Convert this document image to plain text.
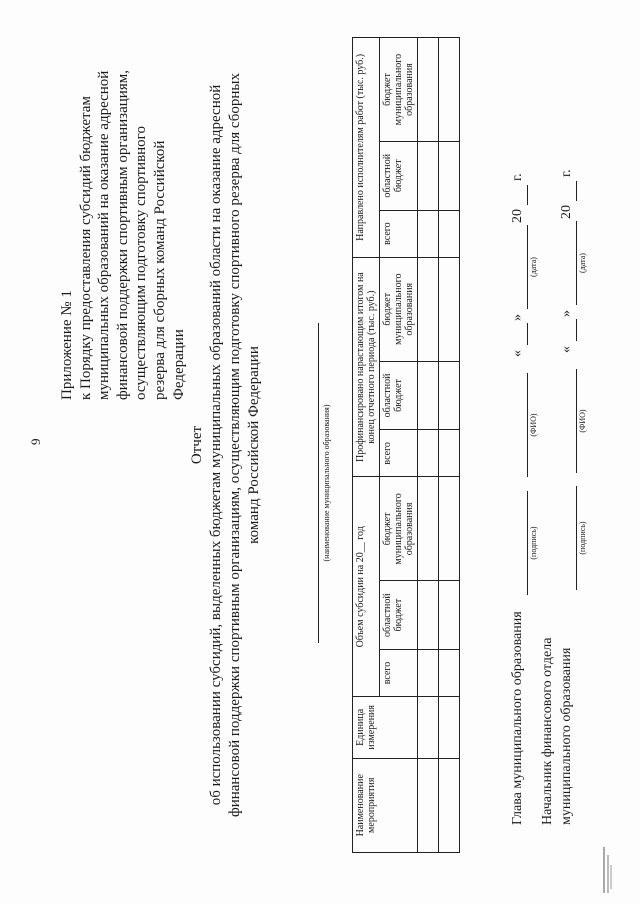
9
Приложение № 1 к Порядку предоставления субсидий бюджетам муниципальных образований на оказание адресной финансовой поддержки спортивным организациям, осуществляющим подготовку спортивного резерва для сборных команд Российской Федерации
Отчет об использовании субсидий, выделенных бюджетам муниципальных образований области на оказание адресной финансовой поддержки спортивным организациям, осуществляющим подготовку спортивного резерва для сборных команд Российской Федерации	(наименование муниципального образования)
Наименование мероприятия	Единица измерения	Объем субсидии на 20__ год			Профинансировано нарастающим итогом на конец отчетного периода (тыс. руб.)			Направлено исполнителям работ (тыс. руб.)		
		всего	областной бюджет	бюджет муниципального образования	всего	областной бюджет	бюджет муниципального образования	всего	областной бюджет	бюджет муниципального образования

Глава муниципального образования
(подпись)
(ФИО)
«
»
(дата)
20
г.
Начальник финансового отдела муниципального образования
(подпись)
(ФИО)
«
»
(дата)
20
г.
